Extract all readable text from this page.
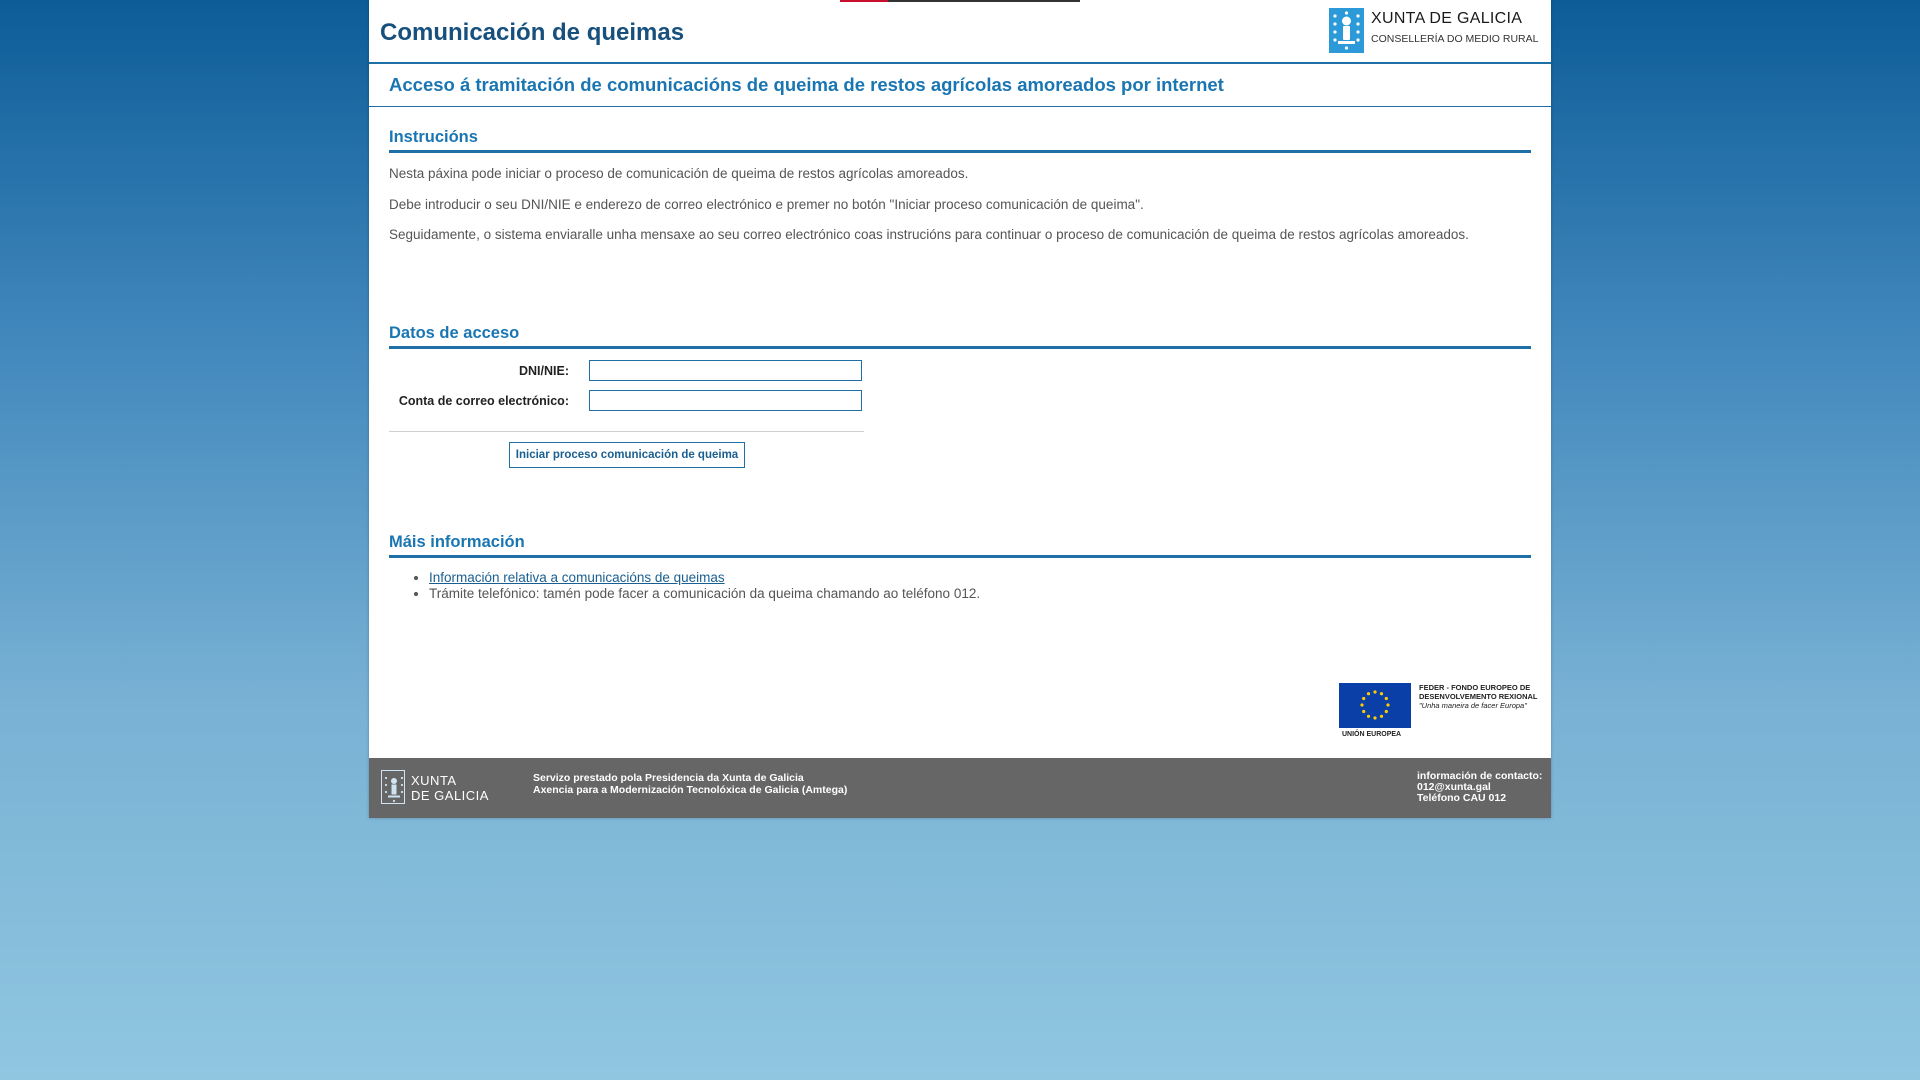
Comunicación de queimas
XUNTA DE GALICIA
CONSELLERÍA DO MEDIO RURAL
Acceso á tramitación de comunicacións de queima de restos agrícolas amoreados por internet
Instrucións
Nesta páxina pode iniciar o proceso de comunicación de queima de restos agrícolas amoreados.
Debe introducir o seu DNI/NIE e enderezo de correo electrónico e premer no botón "Iniciar proceso comunicación de queima".
Seguidamente, o sistema enviaralle unha mensaxe ao seu correo electrónico coas instrucións para continuar o proceso de comunicación de queima de restos agrícolas amoreados.
Datos de acceso
DNI/NIE:
Conta de correo electrónico:
Iniciar proceso comunicación de queima
Máis información
• Información relativa a comunicacións de queimas
• Trámite telefónico: tamén pode facer a comunicación da queima chamando ao teléfono 012.
UNIÓN EUROPEA
FEDER - FONDO EUROPEO DE
DESENVOLVEMENTO REXIONAL
"Unha maneira de facer Europa"
XUNTA
DE GALICIA
Servizo prestado pola Presidencia da Xunta de Galicia
Axencia para a Modernización Tecnolóxica de Galicia (Amtega)
información de contacto:
012@xunta.gal
Teléfono CAU 012
